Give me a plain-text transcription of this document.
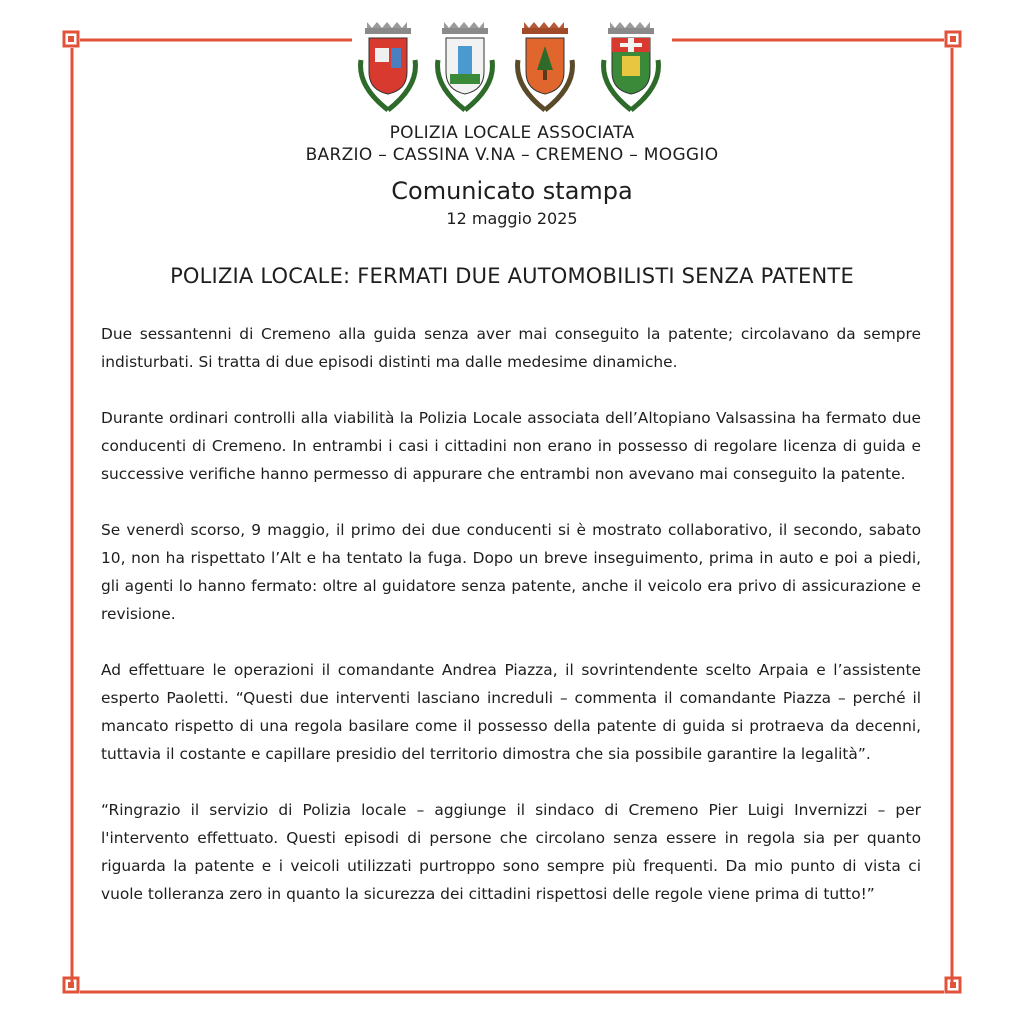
POLIZIA LOCALE ASSOCIATA
BARZIO – CASSINA V.NA – CREMENO – MOGGIO
Comunicato stampa
12 maggio 2025
POLIZIA LOCALE: FERMATI DUE AUTOMOBILISTI SENZA PATENTE

Due sessantenni di Cremeno alla guida senza aver mai conseguito la patente; circolavano da sempre indisturbati. Si tratta di due episodi distinti ma dalle medesime dinamiche.

Durante ordinari controlli alla viabilità la Polizia Locale associata dell’Altopiano Valsassina ha fermato due conducenti di Cremeno. In entrambi i casi i cittadini non erano in possesso di regolare licenza di guida e successive verifiche hanno permesso di appurare che entrambi non avevano mai conseguito la patente.

Se venerdì scorso, 9 maggio, il primo dei due conducenti si è mostrato collaborativo, il secondo, sabato 10, non ha rispettato l’Alt e ha tentato la fuga. Dopo un breve inseguimento, prima in auto e poi a piedi, gli agenti lo hanno fermato: oltre al guidatore senza patente, anche il veicolo era privo di assicurazione e revisione.

Ad effettuare le operazioni il comandante Andrea Piazza, il sovrintendente scelto Arpaia e l’assistente esperto Paoletti. “Questi due interventi lasciano increduli – commenta il comandante Piazza – perché il mancato rispetto di una regola basilare come il possesso della patente di guida si protraeva da decenni, tuttavia il costante e capillare presidio del territorio dimostra che sia possibile garantire la legalità”.

“Ringrazio il servizio di Polizia locale – aggiunge il sindaco di Cremeno Pier Luigi Invernizzi – per l'intervento effettuato. Questi episodi di persone che circolano senza essere in regola sia per quanto riguarda la patente e i veicoli utilizzati purtroppo sono sempre più frequenti. Da mio punto di vista ci vuole tolleranza zero in quanto la sicurezza dei cittadini rispettosi delle regole viene prima di tutto!”
